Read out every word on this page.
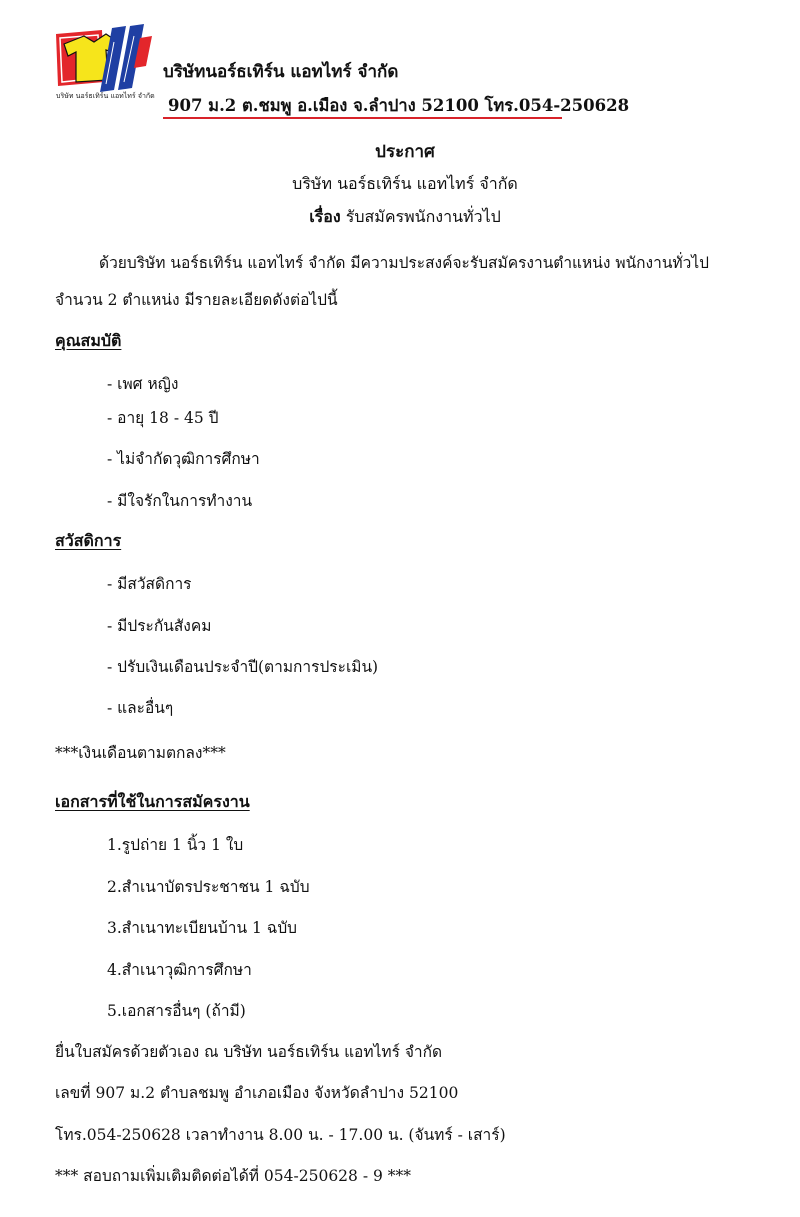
บริษัท นอร์ธเทิร์น แอทไทร์ จำกัด
บริษัทนอร์ธเทิร์น แอทไทร์ จำกัด
907 ม.2 ต.ชมพู อ.เมือง จ.ลำปาง 52100 โทร.054-250628
ประกาศ
บริษัท นอร์ธเทิร์น แอทไทร์ จำกัด
เรื่อง รับสมัครพนักงานทั่วไป
ด้วยบริษัท นอร์ธเทิร์น แอทไทร์ จำกัด มีความประสงค์จะรับสมัครงานตำแหน่ง พนักงานทั่วไป
จำนวน 2 ตำแหน่ง มีรายละเอียดดังต่อไปนี้
คุณสมบัติ
- เพศ หญิง
- อายุ 18 - 45 ปี
- ไม่จำกัดวุฒิการศึกษา
- มีใจรักในการทำงาน
สวัสดิการ
- มีสวัสดิการ
- มีประกันสังคม
- ปรับเงินเดือนประจำปี(ตามการประเมิน)
- และอื่นๆ
***เงินเดือนตามตกลง***
เอกสารที่ใช้ในการสมัครงาน
1.รูปถ่าย 1 นิ้ว 1 ใบ
2.สำเนาบัตรประชาชน 1 ฉบับ
3.สำเนาทะเบียนบ้าน 1 ฉบับ
4.สำเนาวุฒิการศึกษา
5.เอกสารอื่นๆ (ถ้ามี)
ยื่นใบสมัครด้วยตัวเอง ณ บริษัท นอร์ธเทิร์น แอทไทร์ จำกัด
เลขที่ 907 ม.2 ตำบลชมพู อำเภอเมือง จังหวัดลำปาง 52100
โทร.054-250628 เวลาทำงาน 8.00 น. - 17.00 น. (จันทร์ - เสาร์)
*** สอบถามเพิ่มเติมติดต่อได้ที่ 054-250628 - 9 ***
